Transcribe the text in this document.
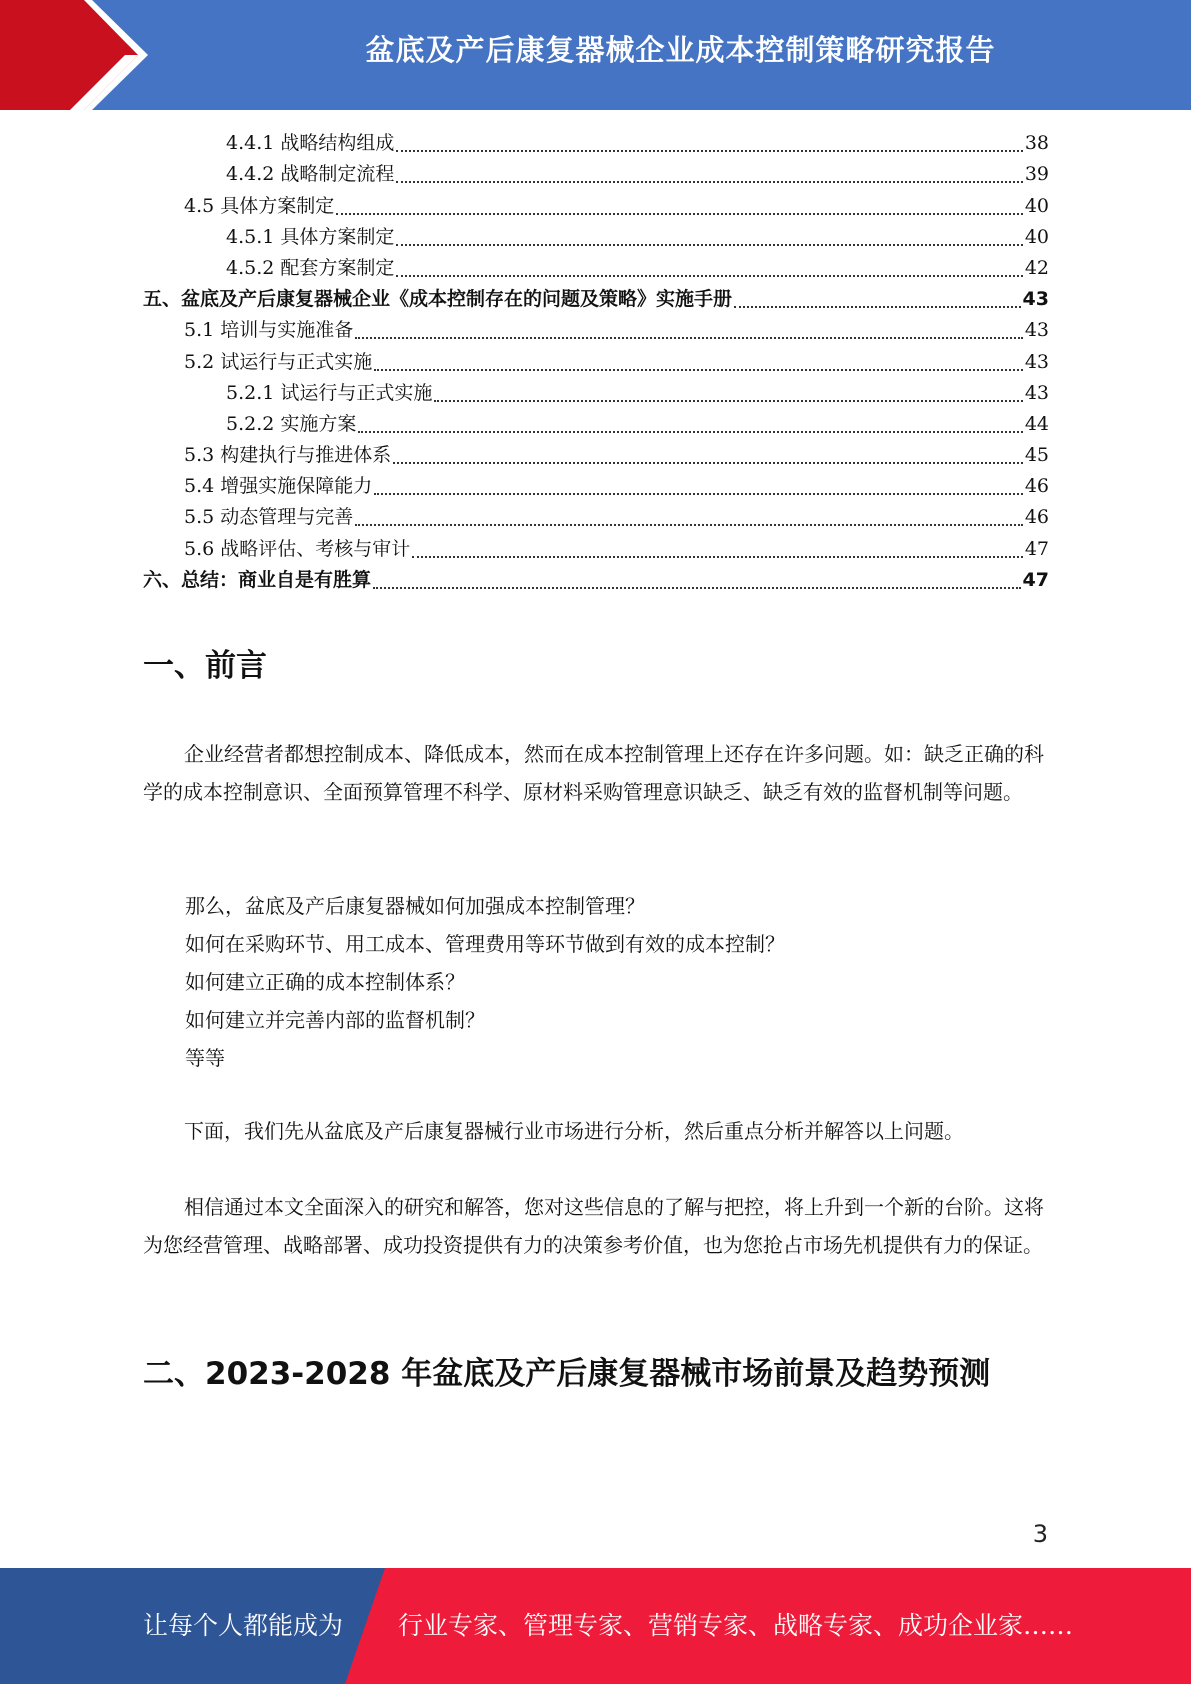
盆底及产后康复器械企业成本控制策略研究报告
4.4.1 战略结构组成	38
4.4.2 战略制定流程	39
4.5 具体方案制定	40
4.5.1 具体方案制定	40
4.5.2 配套方案制定	42
五、盆底及产后康复器械企业《成本控制存在的问题及策略》实施手册	43
5.1 培训与实施准备	43
5.2 试运行与正式实施	43
5.2.1 试运行与正式实施	43
5.2.2 实施方案	44
5.3 构建执行与推进体系	45
5.4 增强实施保障能力	46
5.5 动态管理与完善	46
5.6 战略评估、考核与审计	47
六、总结：商业自是有胜算	47
一、前言

企业经营者都想控制成本、降低成本，然而在成本控制管理上还存在许多问题。如：缺乏正确的科学的成本控制意识、全面预算管理不科学、原材料采购管理意识缺乏、缺乏有效的监督机制等问题。

那么，盆底及产后康复器械如何加强成本控制管理？

如何在采购环节、用工成本、管理费用等环节做到有效的成本控制？

如何建立正确的成本控制体系？

如何建立并完善内部的监督机制？

等等

下面，我们先从盆底及产后康复器械行业市场进行分析，然后重点分析并解答以上问题。

相信通过本文全面深入的研究和解答，您对这些信息的了解与把控，将上升到一个新的台阶。这将为您经营管理、战略部署、成功投资提供有力的决策参考价值，也为您抢占市场先机提供有力的保证。

二、2023-2028 年盆底及产后康复器械市场前景及趋势预测
3
让每个人都能成为 行业专家、管理专家、营销专家、战略专家、成功企业家……
